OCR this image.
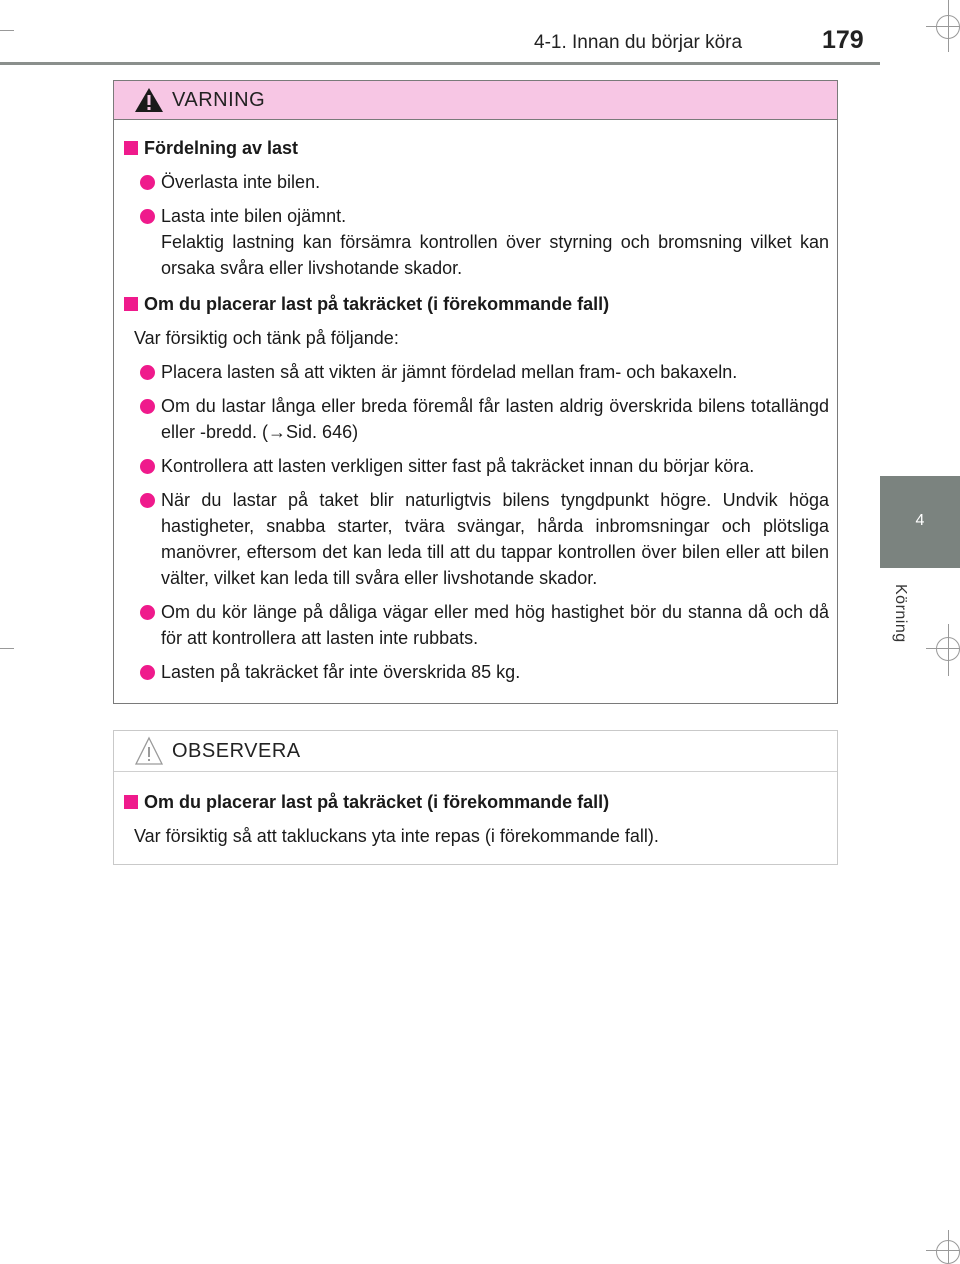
4-1. Innan du börjar köra	179
4
Körning
VARNING
Fördelning av last
Överlasta inte bilen.
Lasta inte bilen ojämnt.
Felaktig lastning kan försämra kontrollen över styrning och bromsning vilket kan orsaka svåra eller livshotande skador.
Om du placerar last på takräcket (i förekommande fall)
Var försiktig och tänk på följande:
Placera lasten så att vikten är jämnt fördelad mellan fram- och bakaxeln.
Om du lastar långa eller breda föremål får lasten aldrig överskrida bilens totallängd eller -bredd. (→Sid. 646)
Kontrollera att lasten verkligen sitter fast på takräcket innan du börjar köra.
När du lastar på taket blir naturligtvis bilens tyngdpunkt högre. Undvik höga hastigheter, snabba starter, tvära svängar, hårda inbromsningar och plötsliga manövrer, eftersom det kan leda till att du tappar kontrollen över bilen eller att bilen välter, vilket kan leda till svåra eller livshotande skador.
Om du kör länge på dåliga vägar eller med hög hastighet bör du stanna då och då för att kontrollera att lasten inte rubbats.
Lasten på takräcket får inte överskrida 85 kg.
OBSERVERA
Om du placerar last på takräcket (i förekommande fall)
Var försiktig så att takluckans yta inte repas (i förekommande fall).
